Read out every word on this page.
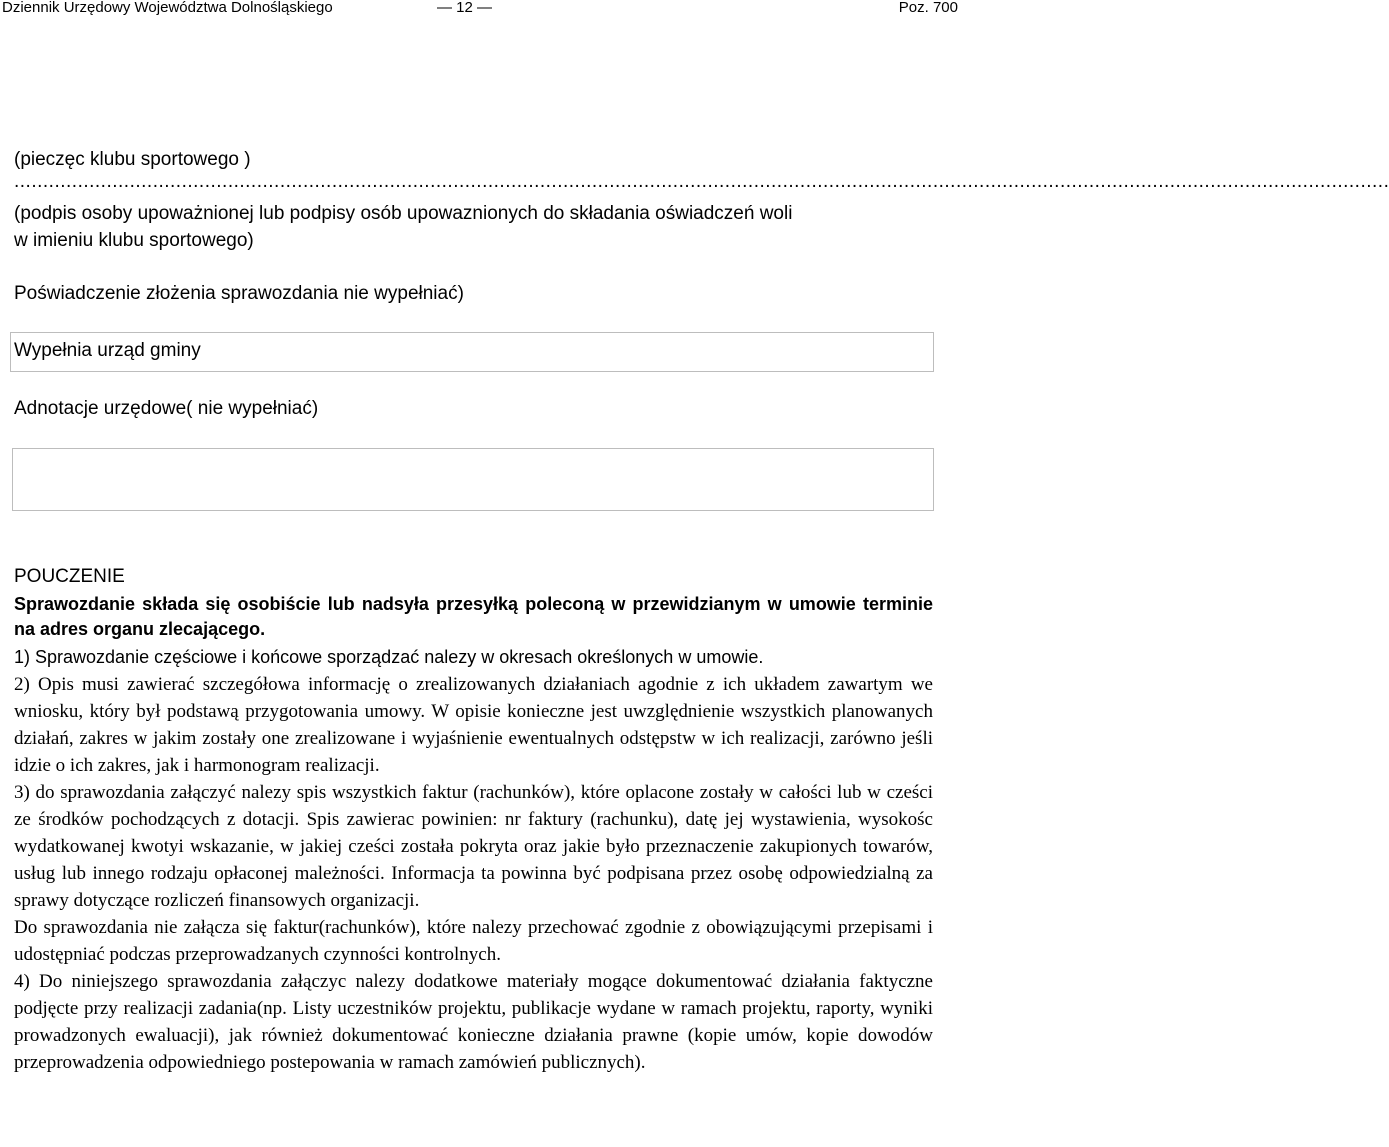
Dziennik Urzędowy Województwa Dolnośląskiego	— 12 —	Poz. 700
(pieczęc klubu sportowego )
..............................................................................................................................................................................................................................................
(podpis osoby upoważnionej lub podpisy osób upowaznionych do składania oświadczeń woli
w imieniu klubu sportowego)
Poświadczenie złożenia sprawozdania nie wypełniać)
Wypełnia urząd gminy
Adnotacje urzędowe( nie wypełniać)

POUCZENIE

Sprawozdanie składa się osobiście lub nadsyła przesyłką poleconą w przewidzianym w umowie terminie na adres organu zlecającego.

1) Sprawozdanie częściowe i końcowe sporządzać nalezy w okresach określonych w umowie.

2) Opis musi zawierać szczegółowa informację o zrealizowanych działaniach agodnie z ich układem zawartym we wniosku, który był podstawą przygotowania umowy. W opisie konieczne jest uwzględnienie wszystkich planowanych działań, zakres w jakim zostały one zrealizowane i wyjaśnienie ewentualnych odstępstw w ich realizacji, zarówno jeśli idzie o ich zakres, jak i harmonogram realizacji.

3) do sprawozdania załączyć nalezy spis wszystkich faktur (rachunków), które oplacone zostały w całości lub w cześci ze środków pochodzących z dotacji. Spis zawierac powinien: nr faktury (rachunku), datę jej wystawienia, wysokośc wydatkowanej kwotyi wskazanie, w jakiej cześci została pokryta oraz jakie było przeznaczenie zakupionych towarów, usług lub innego rodzaju opłaconej mależności. Informacja ta powinna być podpisana przez osobę odpowiedzialną za sprawy dotyczące rozliczeń finansowych organizacji.

Do sprawozdania nie załącza się faktur(rachunków), które nalezy przechować zgodnie z obowiązującymi przepisami i udostępniać podczas przeprowadzanych czynności kontrolnych.

4) Do niniejszego sprawozdania załączyc nalezy dodatkowe materiały mogące dokumentować działania faktyczne podjęcte przy realizacji zadania(np. Listy uczestników projektu, publikacje wydane w ramach projektu, raporty, wyniki prowadzonych ewaluacji), jak również dokumentować konieczne działania prawne (kopie umów, kopie dowodów przeprowadzenia odpowiedniego postepowania w ramach zamówień publicznych).
